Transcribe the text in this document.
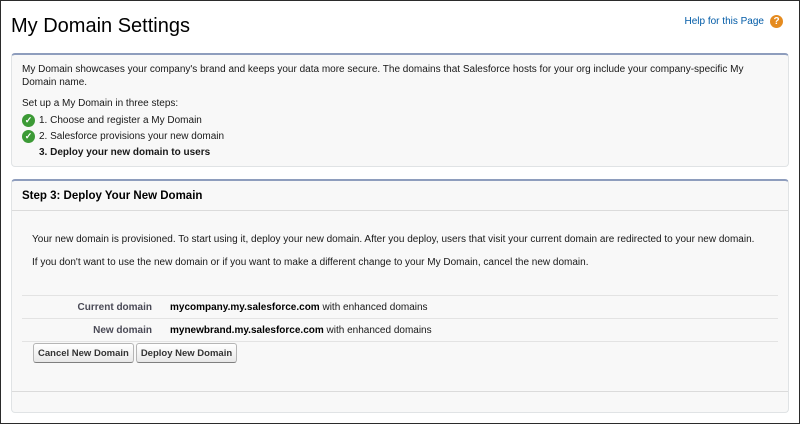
My Domain Settings	Help for this Page ?

My Domain showcases your company's brand and keeps your data more secure. The domains that Salesforce hosts for your org include your company-specific My Domain name.

Set up a My Domain in three steps:
✓ 1. Choose and register a My Domain
✓ 2. Salesforce provisions your new domain
3. Deploy your new domain to users
Step 3: Deploy Your New Domain

Your new domain is provisioned. To start using it, deploy your new domain. After you deploy, users that visit your current domain are redirected to your new domain.

If you don't want to use the new domain or if you want to make a different change to your My Domain, cancel the new domain.

Current domain	mycompany.my.salesforce.com with enhanced domains
New domain	mynewbrand.my.salesforce.com with enhanced domains
Cancel New Domain	Deploy New Domain
